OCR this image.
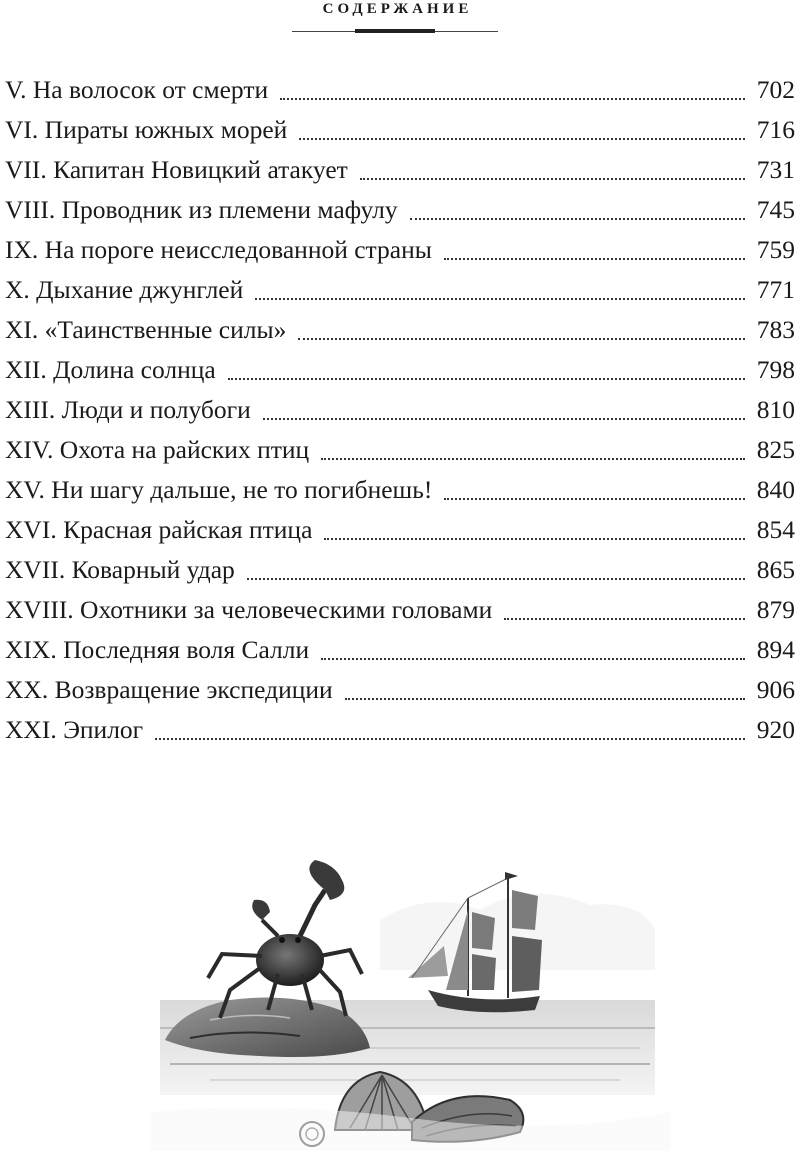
СОДЕРЖАНИЕ
V. На волосок от смерти	702
VI. Пираты южных морей	716
VII. Капитан Новицкий атакует	731
VIII. Проводник из племени мафулу	745
IX. На пороге неисследованной страны	759
X. Дыхание джунглей	771
XI. «Таинственные силы»	783
XII. Долина солнца	798
XIII. Люди и полубоги	810
XIV. Охота на райских птиц	825
XV. Ни шагу дальше, не то погибнешь!	840
XVI. Красная райская птица	854
XVII. Коварный удар	865
XVIII. Охотники за человеческими головами	879
XIX. Последняя воля Салли	894
XX. Возвращение экспедиции	906
XXI. Эпилог	920
